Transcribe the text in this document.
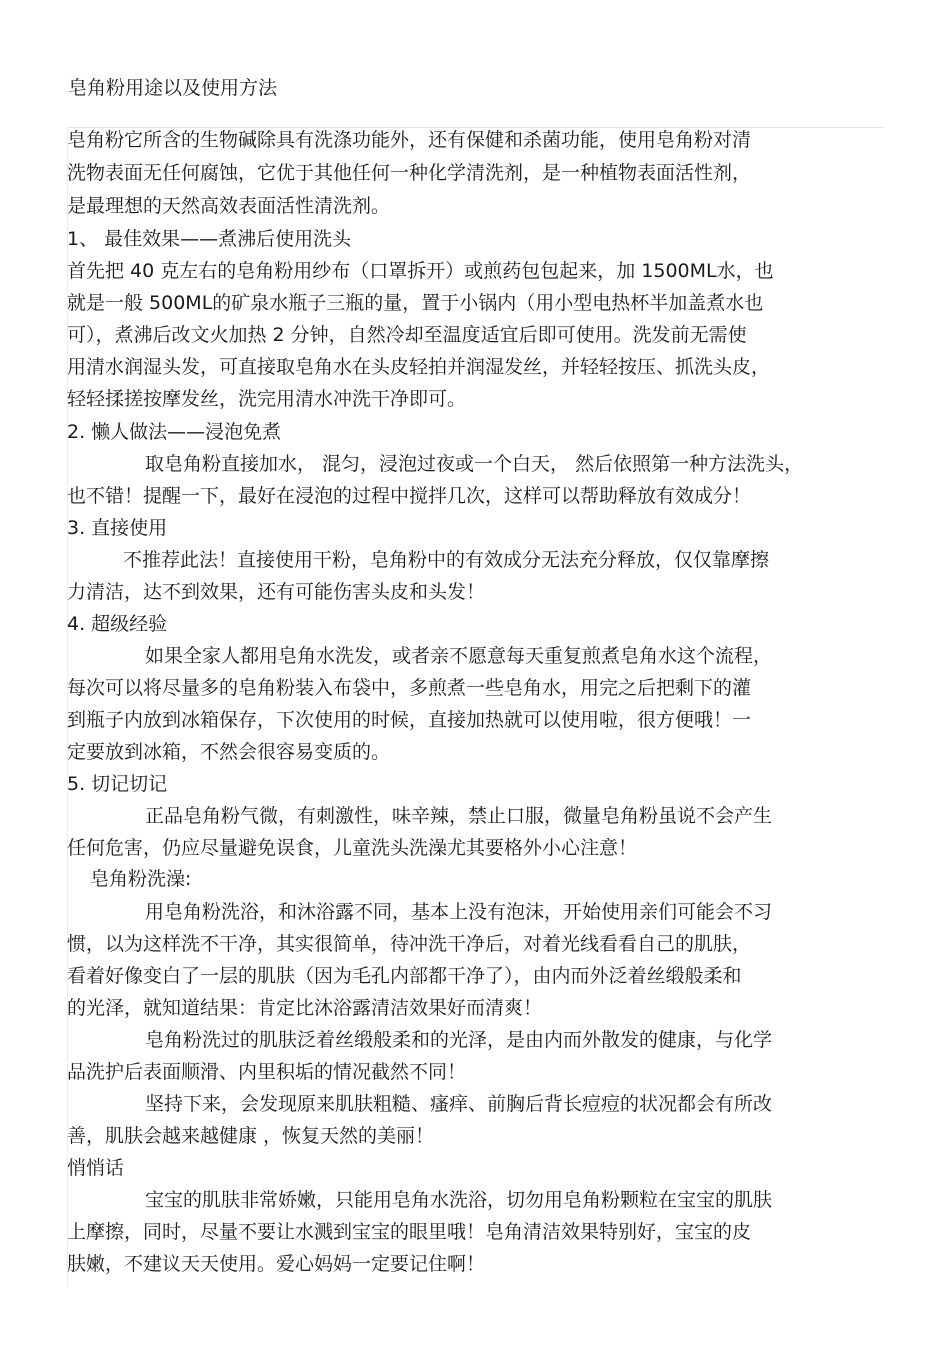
皂角粉用途以及使用方法
皂角粉它所含的生物碱除具有洗涤功能外，还有保健和杀菌功能，使用皂角粉对清
洗物表面无任何腐蚀，它优于其他任何一种化学清洗剂，是一种植物表面活性剂，
是最理想的天然高效表面活性清洗剂。
1、 最佳效果——煮沸后使用洗头
首先把 40 克左右的皂角粉用纱布（口罩拆开）或煎药包包起来，加 1500ML水，也
就是一般 500ML的矿泉水瓶子三瓶的量，置于小锅内（用小型电热杯半加盖煮水也
可），煮沸后改文火加热 2 分钟，自然冷却至温度适宜后即可使用。洗发前无需使
用清水润湿头发，可直接取皂角水在头皮轻拍并润湿发丝，并轻轻按压、抓洗头皮，
轻轻揉搓按摩发丝，洗完用清水冲洗干净即可。
2. 懒人做法——浸泡免煮
取皂角粉直接加水， 混匀，浸泡过夜或一个白天， 然后依照第一种方法洗头，
也不错！提醒一下，最好在浸泡的过程中搅拌几次，这样可以帮助释放有效成分！
3. 直接使用
不推荐此法！直接使用干粉，皂角粉中的有效成分无法充分释放，仅仅靠摩擦
力清洁，达不到效果，还有可能伤害头皮和头发！
4. 超级经验
如果全家人都用皂角水洗发，或者亲不愿意每天重复煎煮皂角水这个流程，
每次可以将尽量多的皂角粉装入布袋中，多煎煮一些皂角水，用完之后把剩下的灌
到瓶子内放到冰箱保存，下次使用的时候，直接加热就可以使用啦，很方便哦！一
定要放到冰箱，不然会很容易变质的。
5. 切记切记
正品皂角粉气微，有刺激性，味辛辣，禁止口服，微量皂角粉虽说不会产生
任何危害，仍应尽量避免误食，儿童洗头洗澡尤其要格外小心注意！
皂角粉洗澡:
用皂角粉洗浴，和沐浴露不同，基本上没有泡沫，开始使用亲们可能会不习
惯，以为这样洗不干净，其实很简单，待冲洗干净后，对着光线看看自己的肌肤，
看着好像变白了一层的肌肤（因为毛孔内部都干净了），由内而外泛着丝缎般柔和
的光泽，就知道结果：肯定比沐浴露清洁效果好而清爽！
皂角粉洗过的肌肤泛着丝缎般柔和的光泽，是由内而外散发的健康，与化学
品洗护后表面顺滑、内里积垢的情况截然不同！
坚持下来，会发现原来肌肤粗糙、瘙痒、前胸后背长痘痘的状况都会有所改
善，肌肤会越来越健康 ，恢复天然的美丽！
悄悄话
宝宝的肌肤非常娇嫩，只能用皂角水洗浴，切勿用皂角粉颗粒在宝宝的肌肤
上摩擦，同时，尽量不要让水溅到宝宝的眼里哦！皂角清洁效果特别好，宝宝的皮
肤嫩，不建议天天使用。爱心妈妈一定要记住啊！
